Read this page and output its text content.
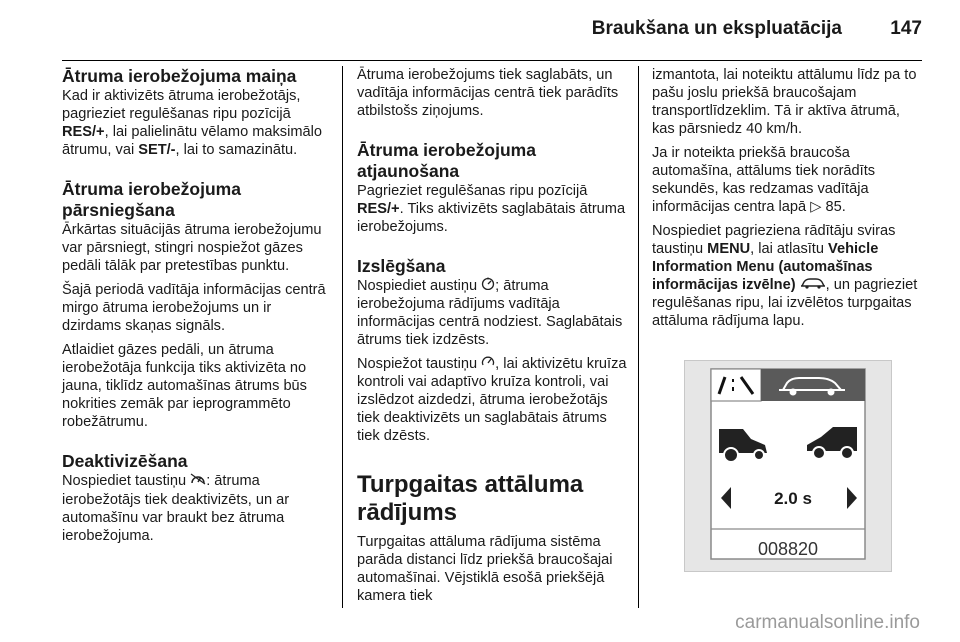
Braukšana un ekspluatācija	147
Ātruma ierobežojuma maiņa

Kad ir aktivizēts ātruma ierobežotājs, pagrieziet regulēšanas ripu pozīcijā RES/+, lai palielinātu vēlamo maksimālo ātrumu, vai SET/-, lai to samazinātu.

Ātruma ierobežojuma
pārsniegšana

Ārkārtas situācijās ātruma ierobežojumu var pārsniegt, stingri nospiežot gāzes pedāli tālāk par pretestības punktu.

Šajā periodā vadītāja informācijas centrā mirgo ātruma ierobežojums un ir dzirdams skaņas signāls.

Atlaidiet gāzes pedāli, un ātruma ierobežotāja funkcija tiks aktivizēta no jauna, tiklīdz automašīnas ātrums būs nokrities zemāk par ieprogrammēto robežātrumu.

Deaktivizēšana

Nospiediet taustiņu : ātruma ierobežotājs tiek deaktivizēts, un ar automašīnu var braukt bez ātruma ierobežojuma.

Ātruma ierobežojums tiek saglabāts, un vadītāja informācijas centrā tiek parādīts atbilstošs ziņojums.

Ātruma ierobežojuma
atjaunošana

Pagrieziet regulēšanas ripu pozīcijā RES/+. Tiks aktivizēts saglabātais ātruma ierobežojums.

Izslēgšana

Nospiediet austiņu ; ātruma ierobežojuma rādījums vadītāja informācijas centrā nodziest. Saglabātais ātrums tiek izdzēsts.

Nospiežot taustiņu , lai aktivizētu kruīza kontroli vai adaptīvo kruīza kontroli, vai izslēdzot aizdedzi, ātruma ierobežotājs tiek deaktivizēts un saglabātais ātrums tiek dzēsts.

Turpgaitas attāluma
rādījums

Turpgaitas attāluma rādījuma sistēma parāda distanci līdz priekšā braucošajai automašīnai. Vējstiklā esošā priekšējā kamera tiek

izmantota, lai noteiktu attālumu līdz pa to pašu joslu priekšā braucošajam transportlīdzeklim. Tā ir aktīva ātrumā, kas pārsniedz 40 km/h.

Ja ir noteikta priekšā braucoša automašīna, attālums tiek norādīts sekundēs, kas redzamas vadītāja informācijas centra lapā ▷ 85.

Nospiediet pagrieziena rādītāju sviras taustiņu MENU, lai atlasītu Vehicle Information Menu (automašīnas informācijas izvēlne) , un pagrieziet regulēšanas ripu, lai izvēlētos turpgaitas attāluma rādījuma lapu.

2.0 s
008820
carmanualsonline.info
